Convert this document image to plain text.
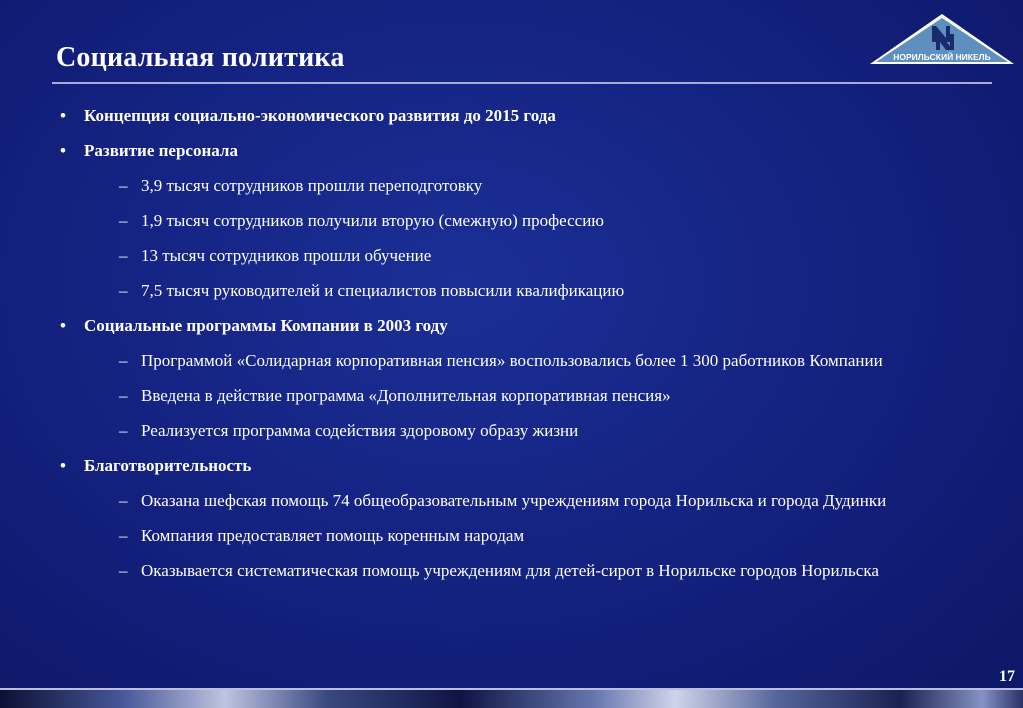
Социальная политика	НОРИЛЬСКИЙ НИКЕЛЬ
• Концепция социально-экономического развития до 2015 года
• Развитие персонала
– 3,9 тысяч сотрудников прошли переподготовку
– 1,9 тысяч сотрудников получили вторую (смежную) профессию
– 13 тысяч сотрудников прошли обучение
– 7,5 тысяч руководителей и специалистов повысили квалификацию
• Социальные программы Компании в 2003 году
– Программой «Солидарная корпоративная пенсия» воспользовались более 1 300 работников Компании
– Введена в действие программа «Дополнительная корпоративная пенсия»
– Реализуется программа содействия здоровому образу жизни
• Благотворительность
– Оказана шефская помощь 74 общеобразовательным учреждениям города Норильска и города Дудинки
– Компания предоставляет помощь коренным народам
– Оказывается систематическая помощь учреждениям для детей-сирот в Норильске городов Норильска
17
